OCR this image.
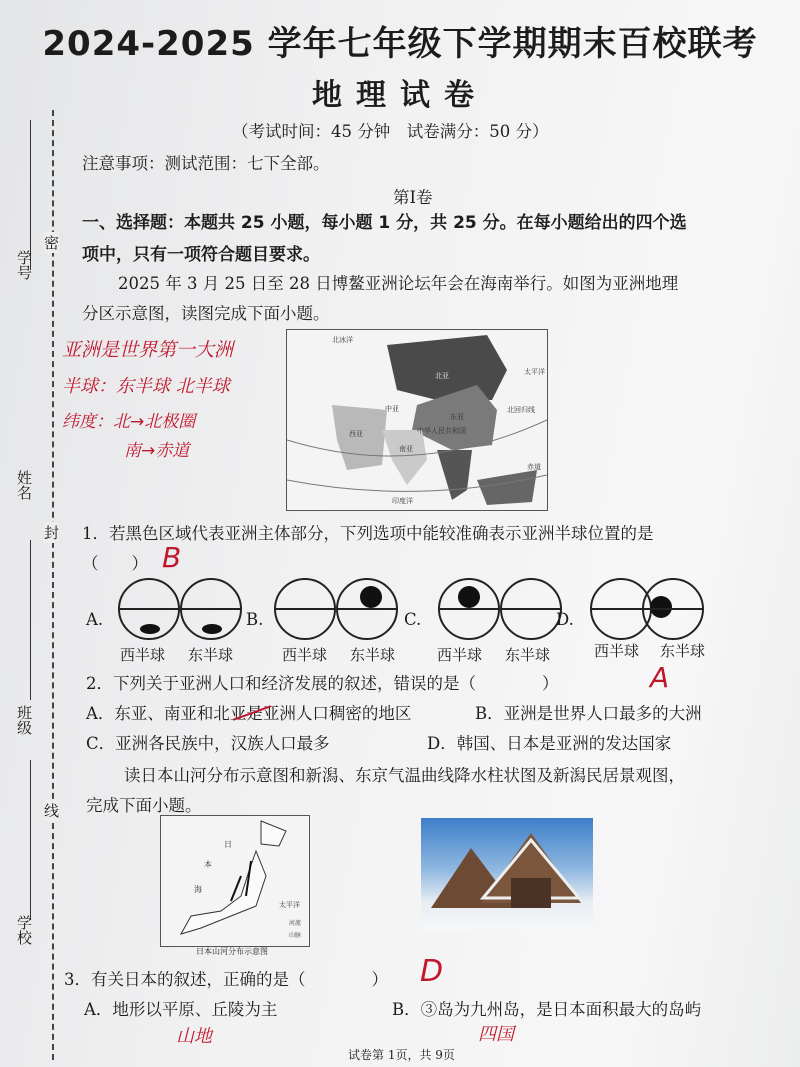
2024-2025 学年七年级下学期期末百校联考
地理试卷
（考试时间：45 分钟　试卷满分：50 分）
注意事项：测试范围：七下全部。
第I卷
学号
姓名
班级
学校
密
封
线
一、选择题：本题共 25 小题，每小题 1 分，共 25 分。在每小题给出的四个选
项中，只有一项符合题目要求。
2025 年 3 月 25 日至 28 日博鳌亚洲论坛年会在海南举行。如图为亚洲地理
分区示意图，读图完成下面小题。
北冰洋
北亚	太平洋
中亚
东亚
中华人民共和国
西亚
南亚
北回归线
赤道
东南亚
印度洋
亚洲是世界第一大洲
半球：东半球 北半球
纬度：北→北极圈
南→赤道
1．若黑色区域代表亚洲主体部分，下列选项中能较准确表示亚洲半球位置的是
（　　） B
A.	B.	C.	D.
西半球 东半球	西半球 东半球	西半球 东半球	西半球 东半球
2．下列关于亚洲人口和经济发展的叙述，错误的是（　　　　）	A
A．东亚、南亚和北亚是亚洲人口稠密的地区	B．亚洲是世界人口最多的大洲
C．亚洲各民族中，汉族人口最多	D．韩国、日本是亚洲的发达国家
读日本山河分布示意图和新潟、东京气温曲线降水柱状图及新潟民居景观图，
完成下面小题。
日
本
海
太平洋
河流
山脉
日本山河分布示意图
3．有关日本的叙述，正确的是（　　　　） D
A．地形以平原、丘陵为主	B．③岛为九州岛，是日本面积最大的岛屿
山地	四国
试卷第 1页，共 9页
